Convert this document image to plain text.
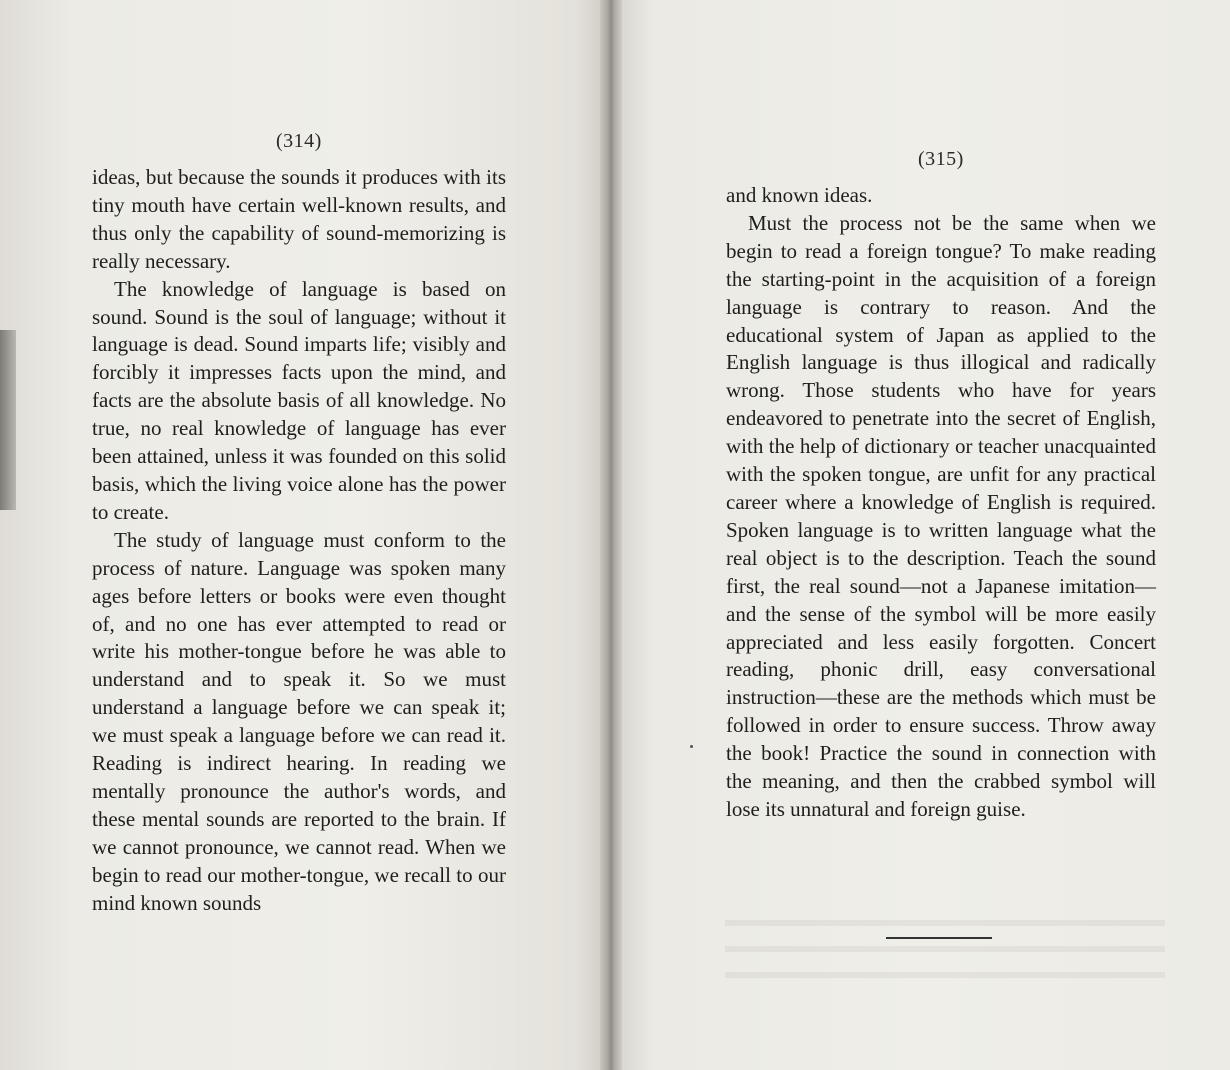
(314)

ideas, but because the sounds it produces with its tiny mouth have certain well-known results, and thus only the capability of sound-memorizing is really necessary.

The knowledge of language is based on sound. Sound is the soul of language; without it language is dead. Sound imparts life; visibly and forcibly it impresses facts upon the mind, and facts are the absolute basis of all knowledge. No true, no real knowledge of language has ever been attained, unless it was founded on this solid basis, which the living voice alone has the power to create.

The study of language must conform to the process of nature. Language was spoken many ages before letters or books were even thought of, and no one has ever attempted to read or write his mother-tongue before he was able to understand and to speak it. So we must understand a language before we can speak it; we must speak a language before we can read it. Reading is indirect hearing. In reading we mentally pronounce the author's words, and these mental sounds are reported to the brain. If we cannot pronounce, we cannot read. When we begin to read our mother-tongue, we recall to our mind known sounds

(315)

and known ideas.

Must the process not be the same when we begin to read a foreign tongue? To make reading the starting-point in the acquisition of a foreign language is contrary to reason. And the educational system of Japan as applied to the English language is thus illogical and radically wrong. Those students who have for years endeavored to penetrate into the secret of English, with the help of dictionary or teacher unacquainted with the spoken tongue, are unfit for any practical career where a knowledge of English is required. Spoken language is to written language what the real object is to the description. Teach the sound first, the real sound—not a Japanese imitation—and the sense of the symbol will be more easily appreciated and less easily forgotten. Concert reading, phonic drill, easy conversational instruction—these are the methods which must be followed in order to ensure success. Throw away the book! Practice the sound in connection with the meaning, and then the crabbed symbol will lose its unnatural and foreign guise.
